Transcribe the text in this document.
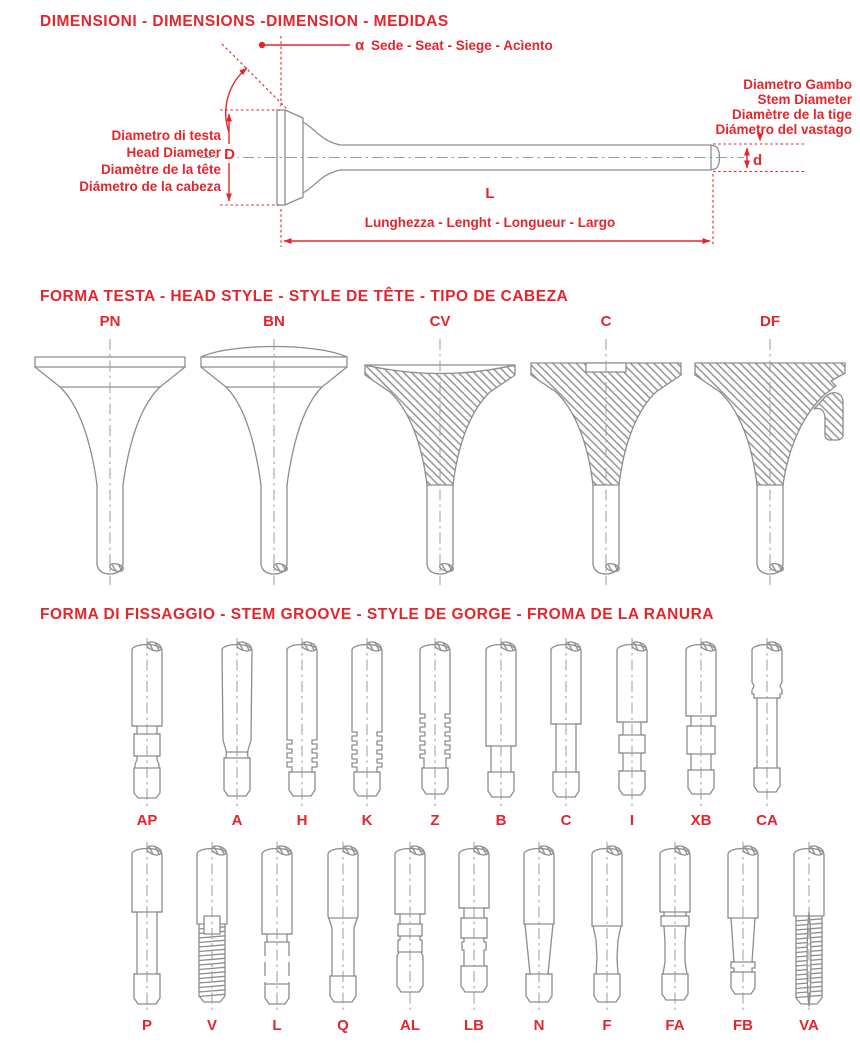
DIMENSIONI - DIMENSIONS -DIMENSION - MEDIDAS
FORMA TESTA - HEAD STYLE - STYLE DE TÊTE - TIPO DE CABEZA
FORMA DI FISSAGGIO - STEM GROOVE - STYLE DE GORGE - FROMA DE LA RANURA
α Sede - Seat - Siege - Acìento
Diametro di testa
Head Diameter
Diamètre de la tête
Diámetro de la cabeza
D
Diametro Gambo
Stem Diameter
Diamètre de la tige
Diámetro del vastago
d
L
Lunghezza - Lenght - Longueur - Largo
PN	BN	CV	C	DF
AP	A	H	K	Z	B	C	I	XB	CA
P	V	L	Q	AL	LB	N	F	FA	FB	VA
